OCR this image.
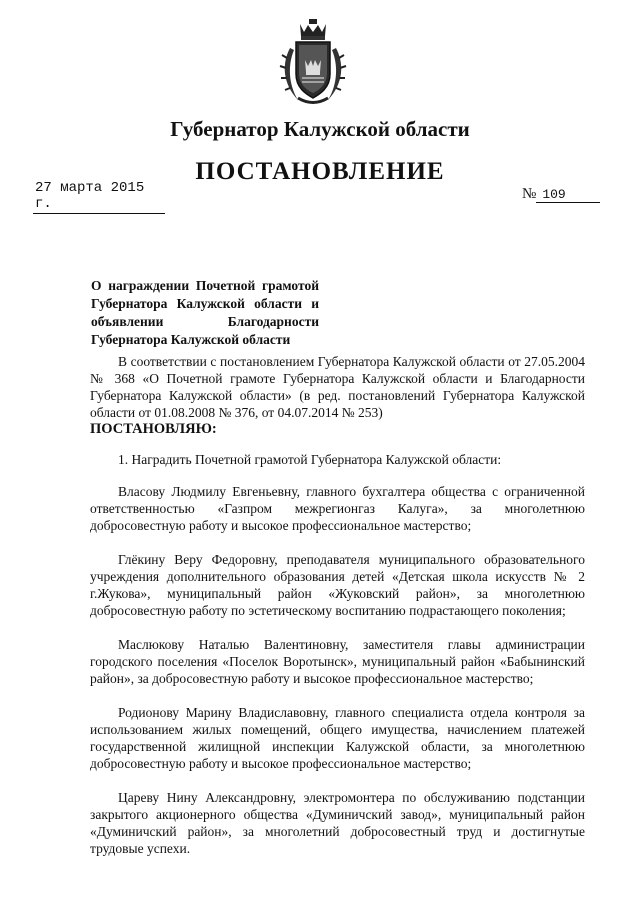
Губернатор Калужской области
ПОСТАНОВЛЕНИЕ
27 марта 2015 г.
№ 109
О награждении Почетной грамотой Губернатора Калужской области и объявлении Благодарности Губернатора Калужской области

В соответствии с постановлением Губернатора Калужской области от 27.05.2004 № 368 «О Почетной грамоте Губернатора Калужской области и Благодарности Губернатора Калужской области» (в ред. постановлений Губернатора Калужской области от 01.08.2008 № 376, от 04.07.2014 № 253)

ПОСТАНОВЛЯЮ:

1. Наградить Почетной грамотой Губернатора Калужской области:

Власову Людмилу Евгеньевну, главного бухгалтера общества с ограниченной ответственностью «Газпром межрегионгаз Калуга», за многолетнюю добросовестную работу и высокое профессиональное мастерство;

Глёкину Веру Федоровну, преподавателя муниципального образовательного учреждения дополнительного образования детей «Детская школа искусств № 2 г.Жукова», муниципальный район «Жуковский район», за многолетнюю добросовестную работу по эстетическому воспитанию подрастающего поколения;

Маслюкову Наталью Валентиновну, заместителя главы администрации городского поселения «Поселок Воротынск», муниципальный район «Бабынинский район», за добросовестную работу и высокое профессиональное мастерство;

Родионову Марину Владиславовну, главного специалиста отдела контроля за использованием жилых помещений, общего имущества, начислением платежей государственной жилищной инспекции Калужской области, за многолетнюю добросовестную работу и высокое профессиональное мастерство;

Цареву Нину Александровну, электромонтера по обслуживанию подстанции закрытого акционерного общества «Думиничский завод», муниципальный район «Думиничский район», за многолетний добросовестный труд и достигнутые трудовые успехи.
